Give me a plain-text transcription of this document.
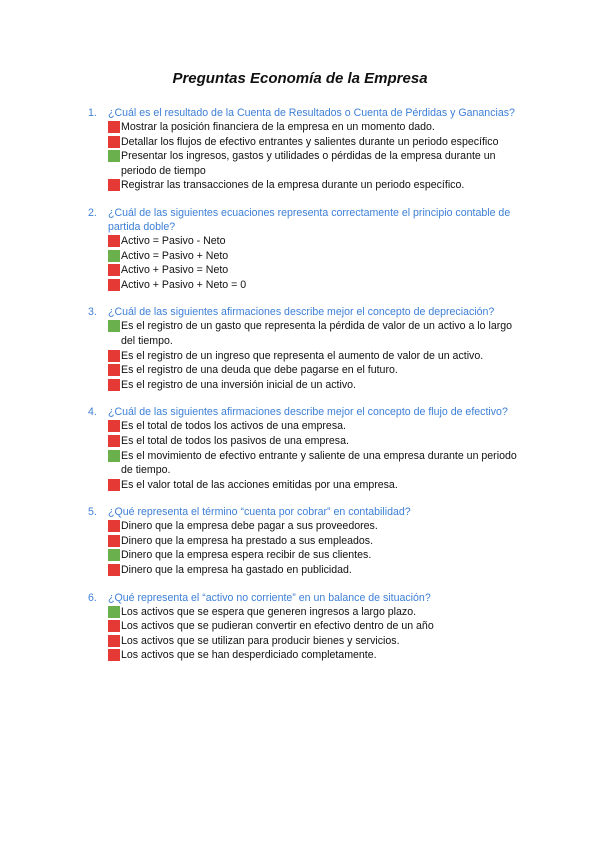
Preguntas Economía de la Empresa
1.	¿Cuál es el resultado de la Cuenta de Resultados o Cuenta de Pérdidas y Ganancias?
Mostrar la posición financiera de la empresa en un momento dado.
Detallar los flujos de efectivo entrantes y salientes durante un periodo específico
Presentar los ingresos, gastos y utilidades o pérdidas de la empresa durante un periodo de tiempo
Registrar las transacciones de la empresa durante un periodo específico.
2.	¿Cuál de las siguientes ecuaciones representa correctamente el principio contable de partida doble?
Activo = Pasivo - Neto
Activo = Pasivo + Neto
Activo + Pasivo = Neto
Activo + Pasivo + Neto = 0
3.	¿Cuál de las siguientes afirmaciones describe mejor el concepto de depreciación?
Es el registro de un gasto que representa la pérdida de valor de un activo a lo largo del tiempo.
Es el registro de un ingreso que representa el aumento de valor de un activo.
Es el registro de una deuda que debe pagarse en el futuro.
Es el registro de una inversión inicial de un activo.
4.	¿Cuál de las siguientes afirmaciones describe mejor el concepto de flujo de efectivo?
Es el total de todos los activos de una empresa.
Es el total de todos los pasivos de una empresa.
Es el movimiento de efectivo entrante y saliente de una empresa durante un periodo de tiempo.
Es el valor total de las acciones emitidas por una empresa.
5.	¿Qué representa el término “cuenta por cobrar” en contabilidad?
Dinero que la empresa debe pagar a sus proveedores.
Dinero que la empresa ha prestado a sus empleados.
Dinero que la empresa espera recibir de sus clientes.
Dinero que la empresa ha gastado en publicidad.
6.	¿Qué representa el “activo no corriente” en un balance de situación?
Los activos que se espera que generen ingresos a largo plazo.
Los activos que se pudieran convertir en efectivo dentro de un año
Los activos que se utilizan para producir bienes y servicios.
Los activos que se han desperdiciado completamente.
